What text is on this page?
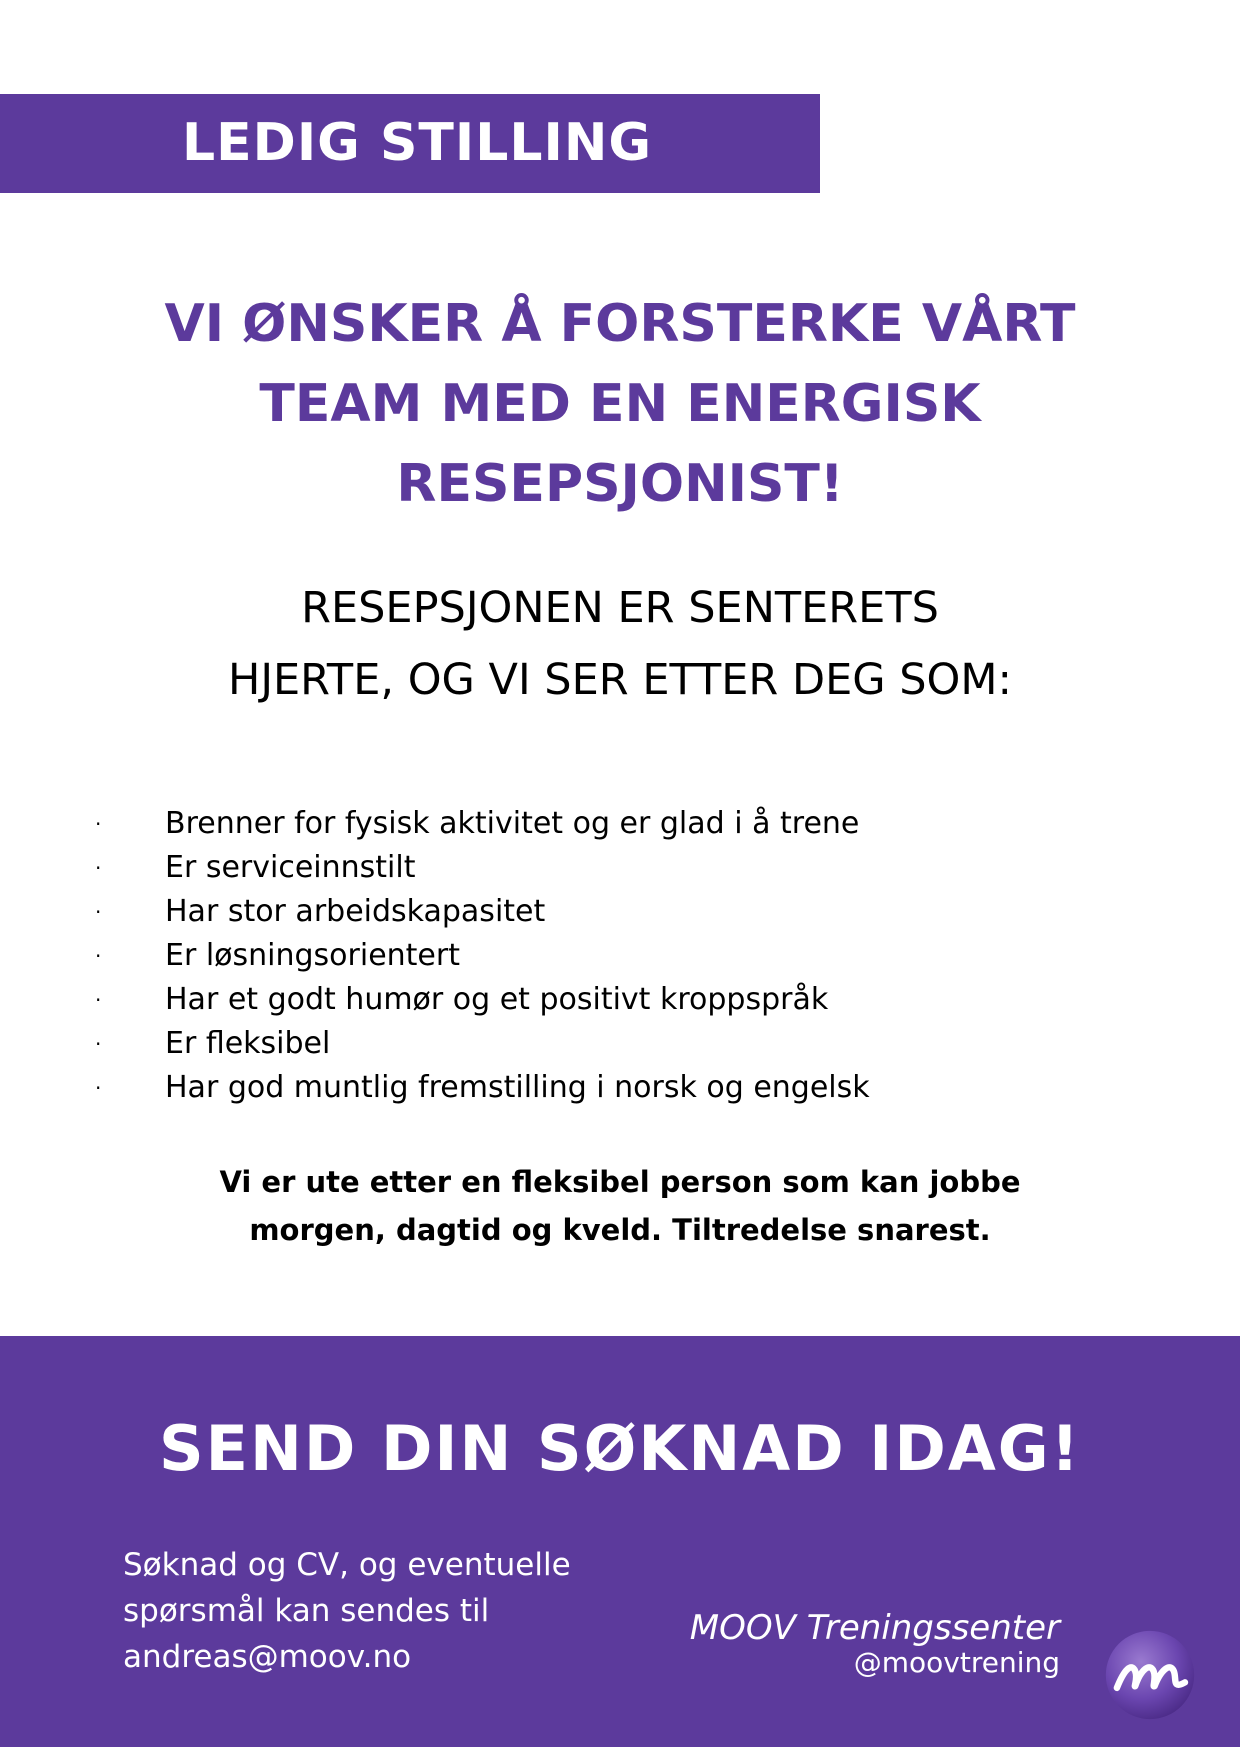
LEDIG STILLING
VI ØNSKER Å FORSTERKE VÅRT
TEAM MED EN ENERGISK
RESEPSJONIST!
RESEPSJONEN ER SENTERETS
HJERTE, OG VI SER ETTER DEG SOM:
·	Brenner for fysisk aktivitet og er glad i å trene
·	Er serviceinnstilt
·	Har stor arbeidskapasitet
·	Er løsningsorientert
·	Har et godt humør og et positivt kroppspråk
·	Er fleksibel
·	Har god muntlig fremstilling i norsk og engelsk
Vi er ute etter en fleksibel person som kan jobbe
morgen, dagtid og kveld. Tiltredelse snarest.
SEND DIN SØKNAD IDAG!
Søknad og CV, og eventuelle
spørsmål kan sendes til
andreas@moov.no
MOOV Treningssenter
@moovtrening
